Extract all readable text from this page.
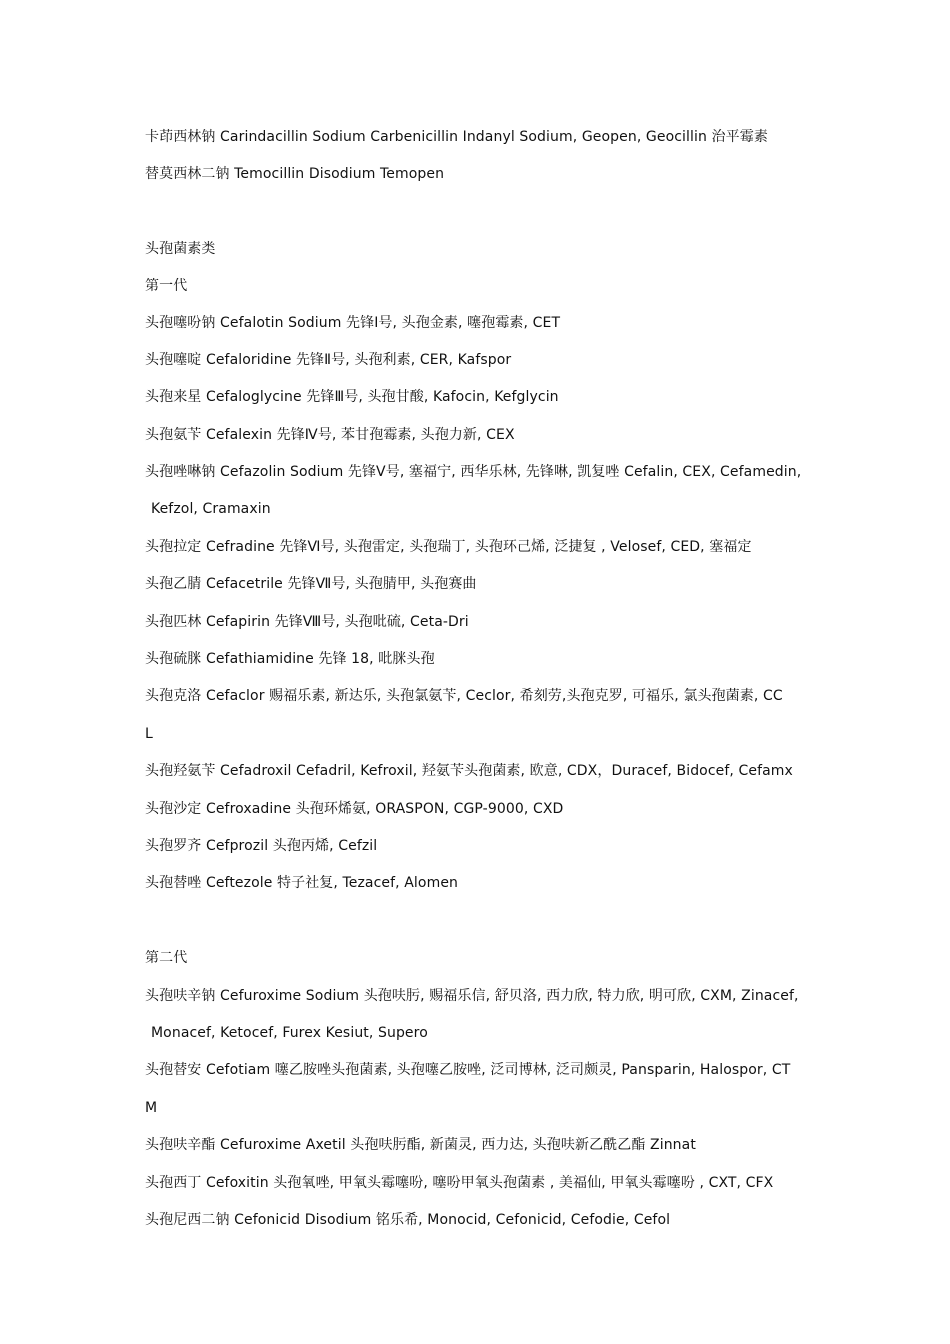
卡茚西林钠 Carindacillin Sodium Carbenicillin Indanyl Sodium, Geopen, Geocillin 治平霉素
替莫西林二钠 Temocillin Disodium Temopen
头孢菌素类
第一代
头孢噻吩钠 Cefalotin Sodium 先锋Ⅰ号, 头孢金素, 噻孢霉素, CET
头孢噻啶 Cefaloridine 先锋Ⅱ号, 头孢利素, CER, Kafspor
头孢来星 Cefaloglycine 先锋Ⅲ号, 头孢甘酸, Kafocin, Kefglycin
头孢氨苄 Cefalexin 先锋Ⅳ号, 苯甘孢霉素, 头孢力新, CEX
头孢唑啉钠 Cefazolin Sodium 先锋Ⅴ号, 塞福宁, 西华乐林, 先锋啉, 凯复唑 Cefalin, CEX, Cefamedin,
Kefzol, Cramaxin
头孢拉定 Cefradine 先锋Ⅵ号, 头孢雷定, 头孢瑞丁, 头孢环己烯, 泛捷复 , Velosef, CED, 塞福定
头孢乙腈 Cefacetrile 先锋Ⅶ号, 头孢腈甲, 头孢赛曲
头孢匹林 Cefapirin 先锋Ⅷ号, 头孢吡硫, Ceta-Dri
头孢硫脒 Cefathiamidine 先锋 18, 吡脒头孢
头孢克洛 Cefaclor 赐福乐素, 新达乐, 头孢氯氨苄, Ceclor, 希刻劳,头孢克罗, 可福乐, 氯头孢菌素, CC
L
头孢羟氨苄 Cefadroxil Cefadril, Kefroxil, 羟氨苄头孢菌素, 欧意, CDX，Duracef, Bidocef, Cefamx
头孢沙定 Cefroxadine 头孢环烯氨, ORASPON, CGP-9000, CXD
头孢罗齐 Cefprozil 头孢丙烯, Cefzil
头孢替唑 Ceftezole 特子社复, Tezacef, Alomen
第二代
头孢呋辛钠 Cefuroxime Sodium 头孢呋肟, 赐福乐信, 舒贝洛, 西力欣, 特力欣, 明可欣, CXM, Zinacef,
Monacef, Ketocef, Furex Kesiut, Supero
头孢替安 Cefotiam 噻乙胺唑头孢菌素, 头孢噻乙胺唑, 泛司博林, 泛司颇灵, Pansparin, Halospor, CT
M
头孢呋辛酯 Cefuroxime Axetil 头孢呋肟酯, 新菌灵, 西力达, 头孢呋新乙酰乙酯 Zinnat
头孢西丁 Cefoxitin 头孢氧唑, 甲氧头霉噻吩, 噻吩甲氧头孢菌素 , 美福仙, 甲氧头霉噻吩 , CXT, CFX
头孢尼西二钠 Cefonicid Disodium 铭乐希, Monocid, Cefonicid, Cefodie, Cefol
